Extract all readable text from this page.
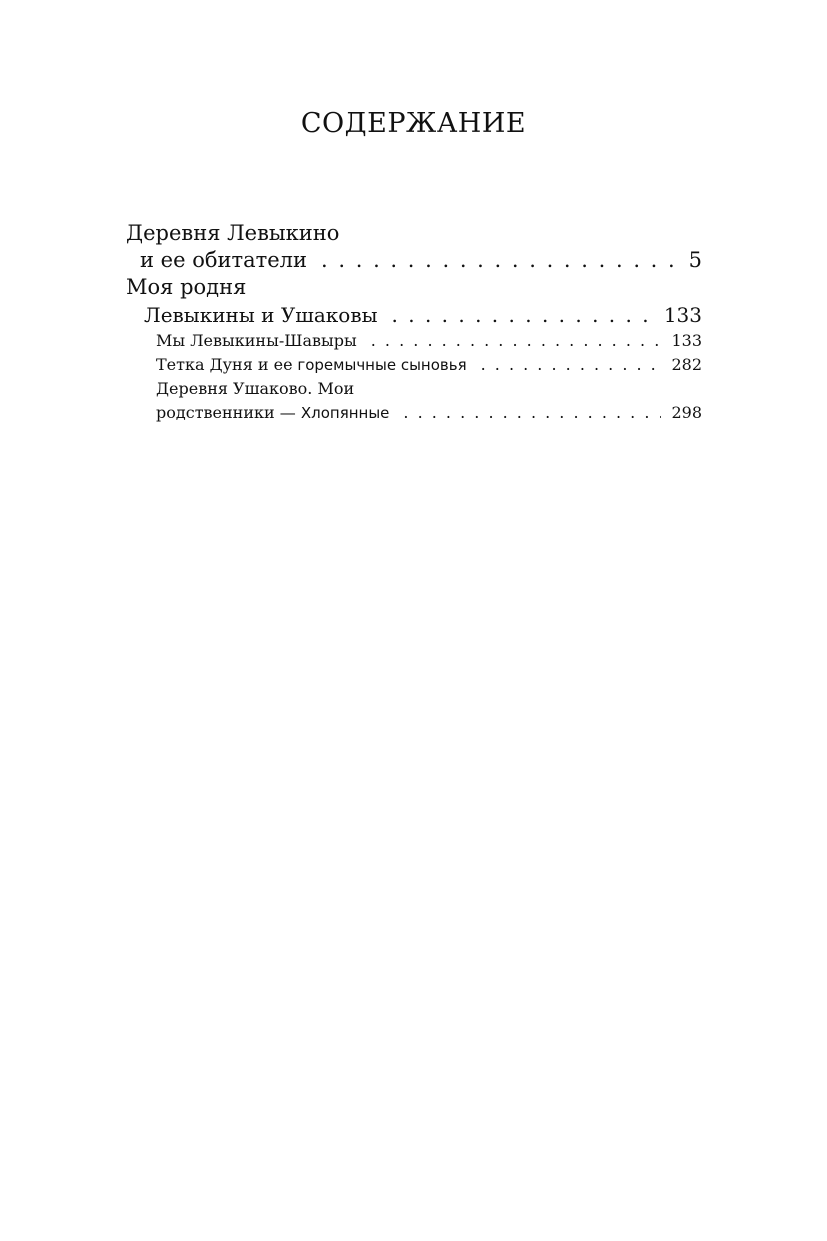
СОДЕРЖАНИЕ
Деревня Левыкино
и ее обитатели . . .	5
Моя родня
Левыкины и Ушаковы . . .	133
Мы Левыкины-Шавыры . . .	133
Тетка Дуня и ее горемычные сыновья . . .	282
Деревня Ушаково. Мои
родственники — Хлопянные . . .	298
